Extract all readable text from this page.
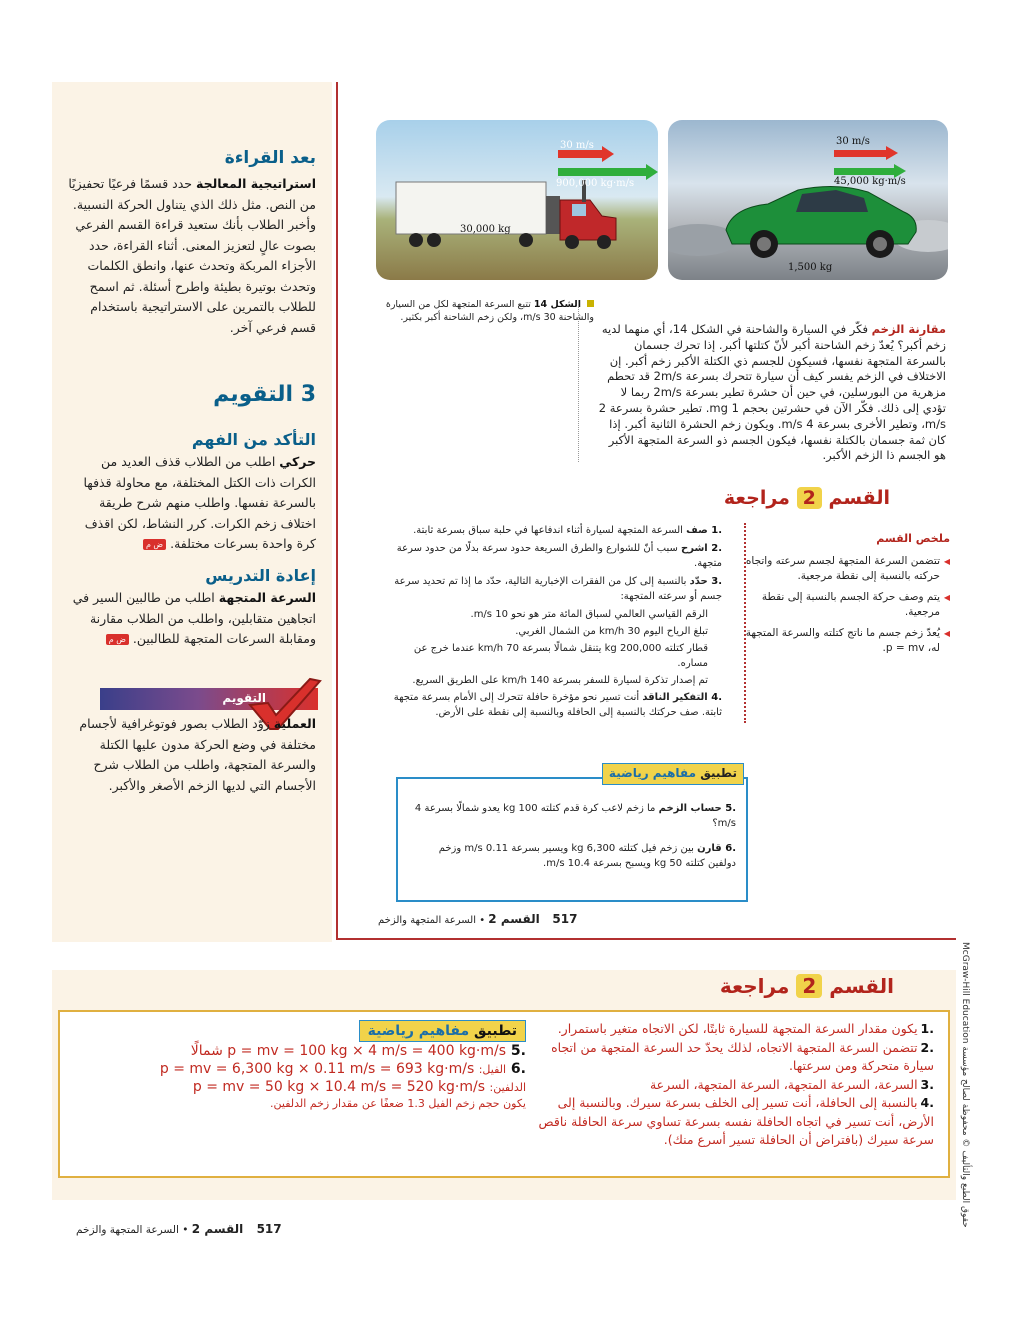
بعد القراءة
استراتيجية المعالجة حدد قسمًا فرعيًا تحفيزيًا من النص. مثل ذلك الذي يتناول الحركة النسبية. وأخبر الطلاب بأنك ستعيد قراءة القسم الفرعي بصوت عالٍ لتعزيز المعنى. أثناء القراءة، حدد الأجزاء المربكة وتحدث عنها، وانطق الكلمات وتحدث بوتيرة بطيئة واطرح أسئلة. ثم اسمح للطلاب بالتمرين على الاستراتيجية باستخدام قسم فرعي آخر.
3 التقويم
التأكد من الفهم
حركي اطلب من الطلاب قذف العديد من الكرات ذات الكتل المختلفة، مع محاولة قذفها بالسرعة نفسها. واطلب منهم شرح طريقة اختلاف زخم الكرات. كرر النشاط، لكن اقذف كرة واحدة بسرعات مختلفة. ض م
إعادة التدريس
السرعة المتجهة اطلب من طالبين السير في اتجاهين متقابلين، واطلب من الطلاب مقارنة ومقابلة السرعات المتجهة للطالبين. ض م
التقويم
العملية زوّد الطلاب بصور فوتوغرافية لأجسام مختلفة في وضع الحركة مدون عليها الكتلة والسرعة المتجهة، واطلب من الطلاب شرح الأجسام التي لديها الزخم الأصغر والأكبر.
30 m/s
900,000 kg·m/s
30,000 kg
30 m/s
45,000 kg·m/s
1,500 kg
الشكل 14 تتبع السرعة المتجهة لكل من السيارة والشاحنة 30 m/s، ولكن زخم الشاحنة أكبر بكثير.
مقارنة الزخم فكّر في السيارة والشاحنة في الشكل 14، أي منهما لديه زخم أكبر؟ يُعدّ زخم الشاحنة أكبر لأنّ كتلتها أكبر. إذا تحرك جسمان بالسرعة المتجهة نفسها، فسيكون للجسم ذي الكتلة الأكبر زخم أكبر. إن الاختلاف في الزخم يفسر كيف أن سيارة تتحرك بسرعة 2m/s قد تحطم مزهرية من البورسلين، في حين أن حشرة تطير بسرعة 2m/s ربما لا تؤدي إلى ذلك. فكّر الآن في حشرتين بحجم 1 mg. تطير حشرة بسرعة 2 m/s، وتطير الأخرى بسرعة 4 m/s. ويكون زخم الحشرة الثانية أكبر. إذا كان ثمة جسمان بالكتلة نفسها، فيكون الجسم ذو السرعة المتجهة الأكبر هو الجسم ذا الزخم الأكبر.
القسم 2 مراجعة
ملخص القسم
◀ تتضمن السرعة المتجهة لجسم سرعته واتجاه حركته بالنسبة إلى نقطة مرجعية.
◀ يتم وصف حركة الجسم بالنسبة إلى نقطة مرجعية.
◀ يُعدّ زخم جسم ما ناتج كتلته والسرعة المتجهة له، p = mv.
.1 صف السرعة المتجهة لسيارة أثناء اندفاعها في حلبة سباق بسرعة ثابتة.
.2 اشرح سبب أنّ للشوارع والطرق السريعة حدود سرعة بدلًا من حدود سرعة متجهة.
.3 حدّد بالنسبة إلى كل من الفقرات الإخبارية التالية، حدّد ما إذا تم تحديد سرعة جسم أو سرعته المتجهة:
الرقم القياسي العالمي لسباق المائة متر هو نحو 10 m/s.
تبلغ الرياح اليوم 30 km/h من الشمال الغربي.
قطار كتلته 200,000 kg يتنقل شمالًا بسرعة 70 km/h عندما خرج عن مساره.
تم إصدار تذكرة لسيارة للسفر بسرعة 140 km/h على الطريق السريع.
.4 التفكير الناقد أنت تسير نحو مؤخرة حافلة تتحرك إلى الأمام بسرعة متجهة ثابتة. صف حركتك بالنسبة إلى الحافلة وبالنسبة إلى نقطة على الأرض.
تطبيق مفاهيم رياضية
.5 حساب الزخم ما زخم لاعب كرة قدم كتلته 100 kg يعدو شمالًا بسرعة 4 m/s؟
.6 قارن بين زخم فيل كتلته 6,300 kg ويسير بسرعة 0.11 m/s وزخم دولفين كتلته 50 kg ويسبح بسرعة 10.4 m/s.
517    القسم 2 • السرعة المتجهة والزخم
القسم 2 مراجعة
.1يكون مقدار السرعة المتجهة للسيارة ثابتًا، لكن الاتجاه متغير باستمرار.
.2تتضمن السرعة المتجهة الاتجاه، لذلك يحدّ حد السرعة المتجهة من اتجاه سيارة متحركة ومن سرعتها.
.3السرعة، السرعة المتجهة، السرعة المتجهة، السرعة
.4بالنسبة إلى الحافلة، أنت تسير إلى الخلف بسرعة سيرك. وبالنسبة إلى الأرض، أنت تسير في اتجاه الحافلة نفسه بسرعة تساوي سرعة الحافلة ناقص سرعة سيرك (بافتراض أن الحافلة تسير أسرع منك).
تطبيق مفاهيم رياضية
.5 p = mv = 100 kg × 4 m/s = 400 kg·m/s شمالًا
.6 الفيل: p = mv = 6,300 kg × 0.11 m/s = 693 kg·m/s
الدلفين: p = mv = 50 kg × 10.4 m/s = 520 kg·m/s
يكون حجم زخم الفيل 1.3 ضعفًا عن مقدار زخم الدلفين.
517    القسم 2 • السرعة المتجهة والزخم
McGraw-Hill Education حقوق الطبع والتأليف © محفوظة لصالح مؤسسة
